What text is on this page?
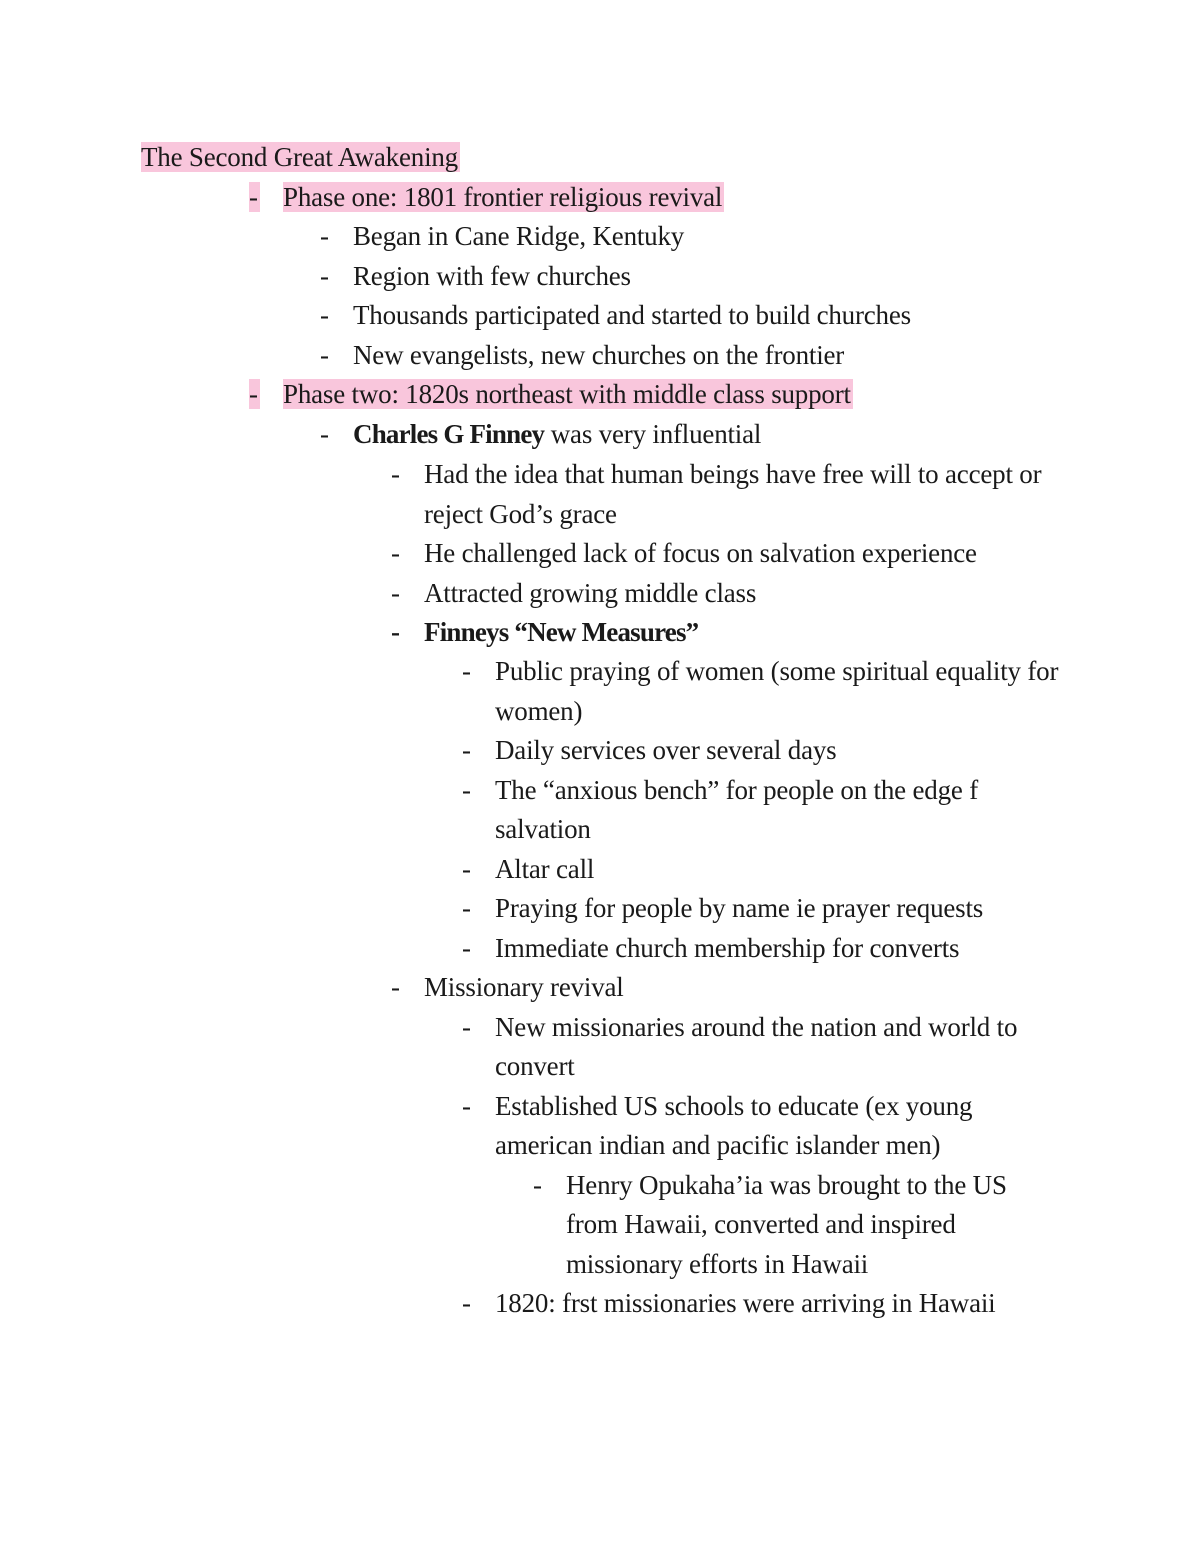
The Second Great Awakening
- Phase one: 1801 frontier religious revival
- Began in Cane Ridge, Kentuky
- Region with few churches
- Thousands participated and started to build churches
- New evangelists, new churches on the frontier
- Phase two: 1820s northeast with middle class support
- Charles G Finney was very influential
- Had the idea that human beings have free will to accept or
reject God’s grace
- He challenged lack of focus on salvation experience
- Attracted growing middle class
- Finneys “New Measures”
- Public praying of women (some spiritual equality for
women)
- Daily services over several days
- The “anxious bench” for people on the edge f
salvation
- Altar call
- Praying for people by name ie prayer requests
- Immediate church membership for converts
- Missionary revival
- New missionaries around the nation and world to
convert
- Established US schools to educate (ex young
american indian and pacific islander men)
- Henry Opukaha’ia was brought to the US
from Hawaii, converted and inspired
missionary efforts in Hawaii
- 1820: frst missionaries were arriving in Hawaii
